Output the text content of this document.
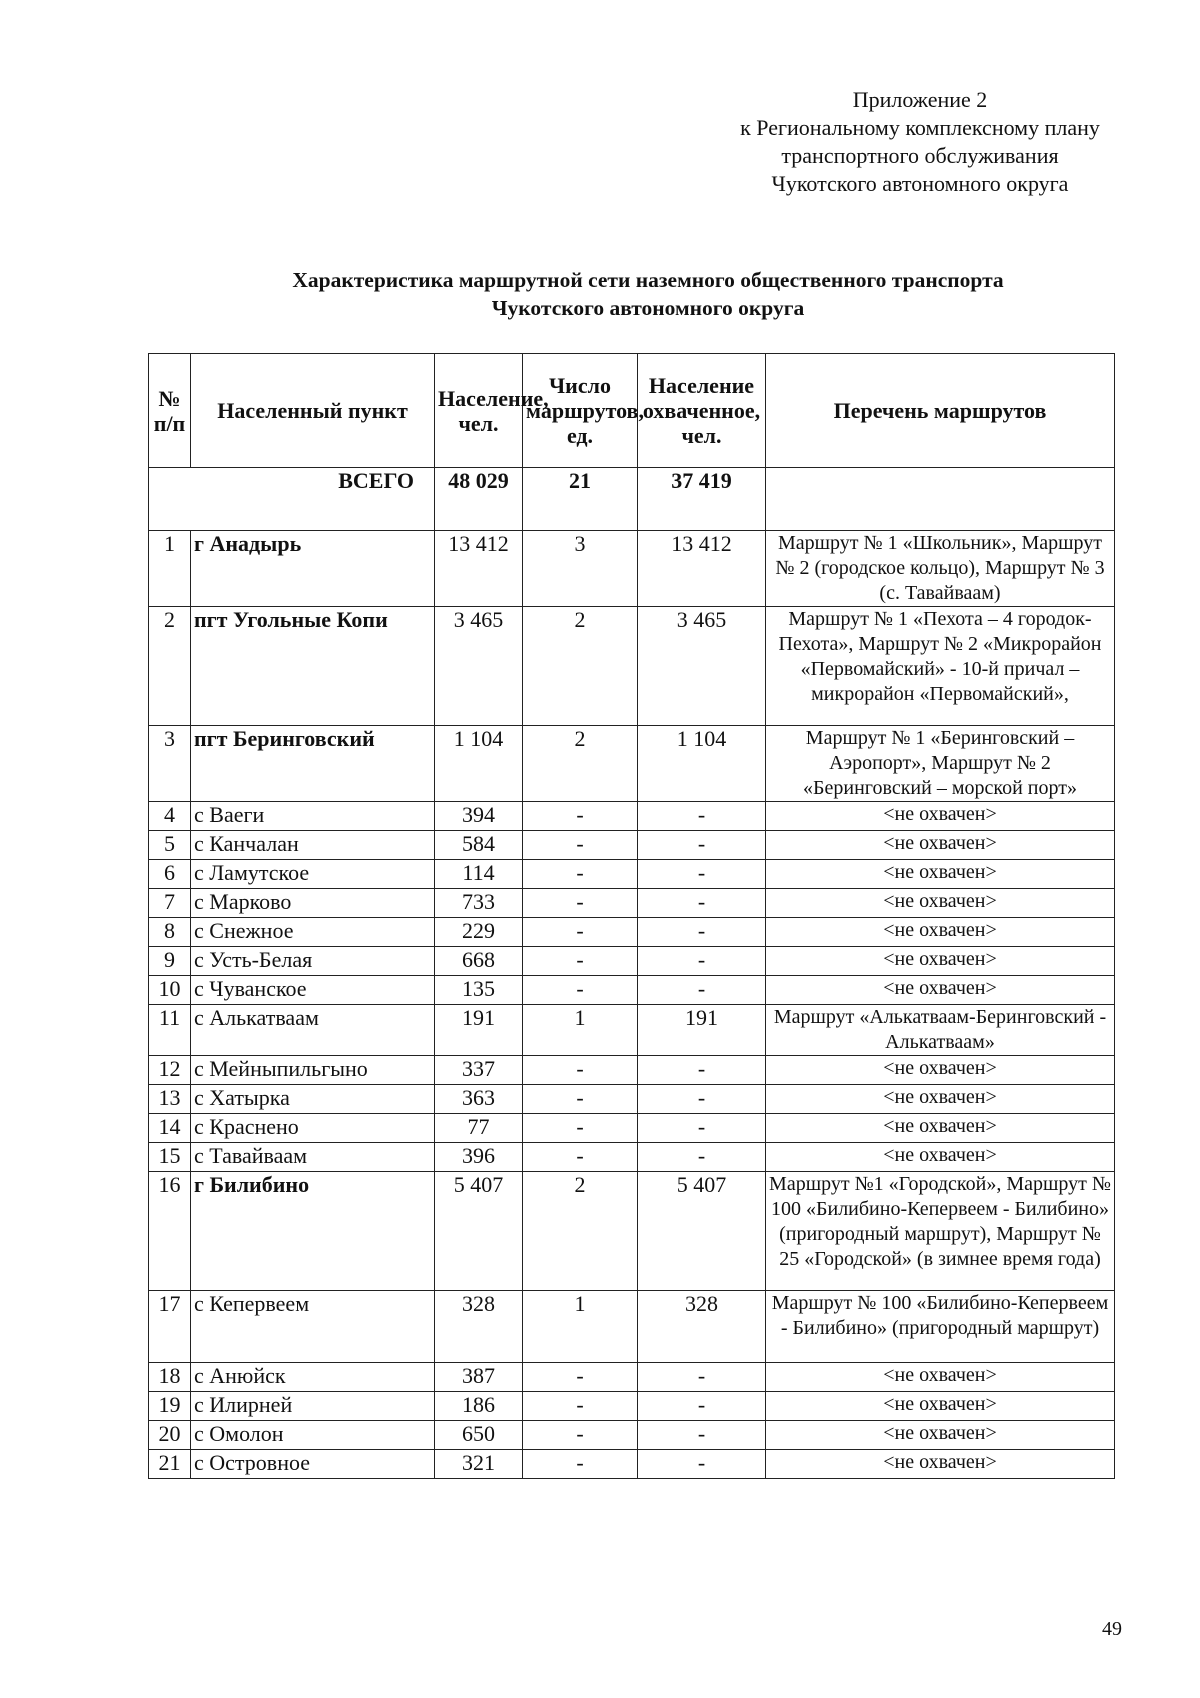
Приложение 2
к Региональному комплексному плану
транспортного обслуживания
Чукотского автономного округа
Характеристика маршрутной сети наземного общественного транспорта
Чукотского автономного округа
№ п/п	Населенный пункт	Население, чел.	Число маршрутов, ед.	Население охваченное, чел.	Перечень маршрутов
ВСЕГО		48 029	21	37 419	
1	г Анадырь	13 412	3	13 412	Маршрут № 1 «Школьник», Маршрут № 2 (городское кольцо), Маршрут № 3 (с. Тавайваам)
2	пгт Угольные Копи	3 465	2	3 465	Маршрут № 1 «Пехота – 4 городок-Пехота», Маршрут № 2 «Микрорайон «Первомайский» - 10-й причал – микрорайон «Первомайский»,
3	пгт Беринговский	1 104	2	1 104	Маршрут № 1 «Беринговский – Аэропорт», Маршрут № 2 «Беринговский – морской порт»
4	с Ваеги	394	-	-	<не охвачен>
5	с Канчалан	584	-	-	<не охвачен>
6	с Ламутское	114	-	-	<не охвачен>
7	с Марково	733	-	-	<не охвачен>
8	с Снежное	229	-	-	<не охвачен>
9	с Усть-Белая	668	-	-	<не охвачен>
10	с Чуванское	135	-	-	<не охвачен>
11	с Алькатваам	191	1	191	Маршрут «Алькатваам-Беринговский - Алькатваам»
12	с Мейныпильгыно	337	-	-	<не охвачен>
13	с Хатырка	363	-	-	<не охвачен>
14	с Краснено	77	-	-	<не охвачен>
15	с Тавайваам	396	-	-	<не охвачен>
16	г Билибино	5 407	2	5 407	Маршрут №1 «Городской», Маршрут № 100 «Билибино-Кепервеем - Билибино» (пригородный маршрут), Маршрут № 25 «Городской» (в зимнее время года)
17	с Кепервеем	328	1	328	Маршрут № 100 «Билибино-Кепервеем - Билибино» (пригородный маршрут)
18	с Анюйск	387	-	-	<не охвачен>
19	с Илирней	186	-	-	<не охвачен>
20	с Омолон	650	-	-	<не охвачен>
21	с Островное	321	-	-	<не охвачен>
49
